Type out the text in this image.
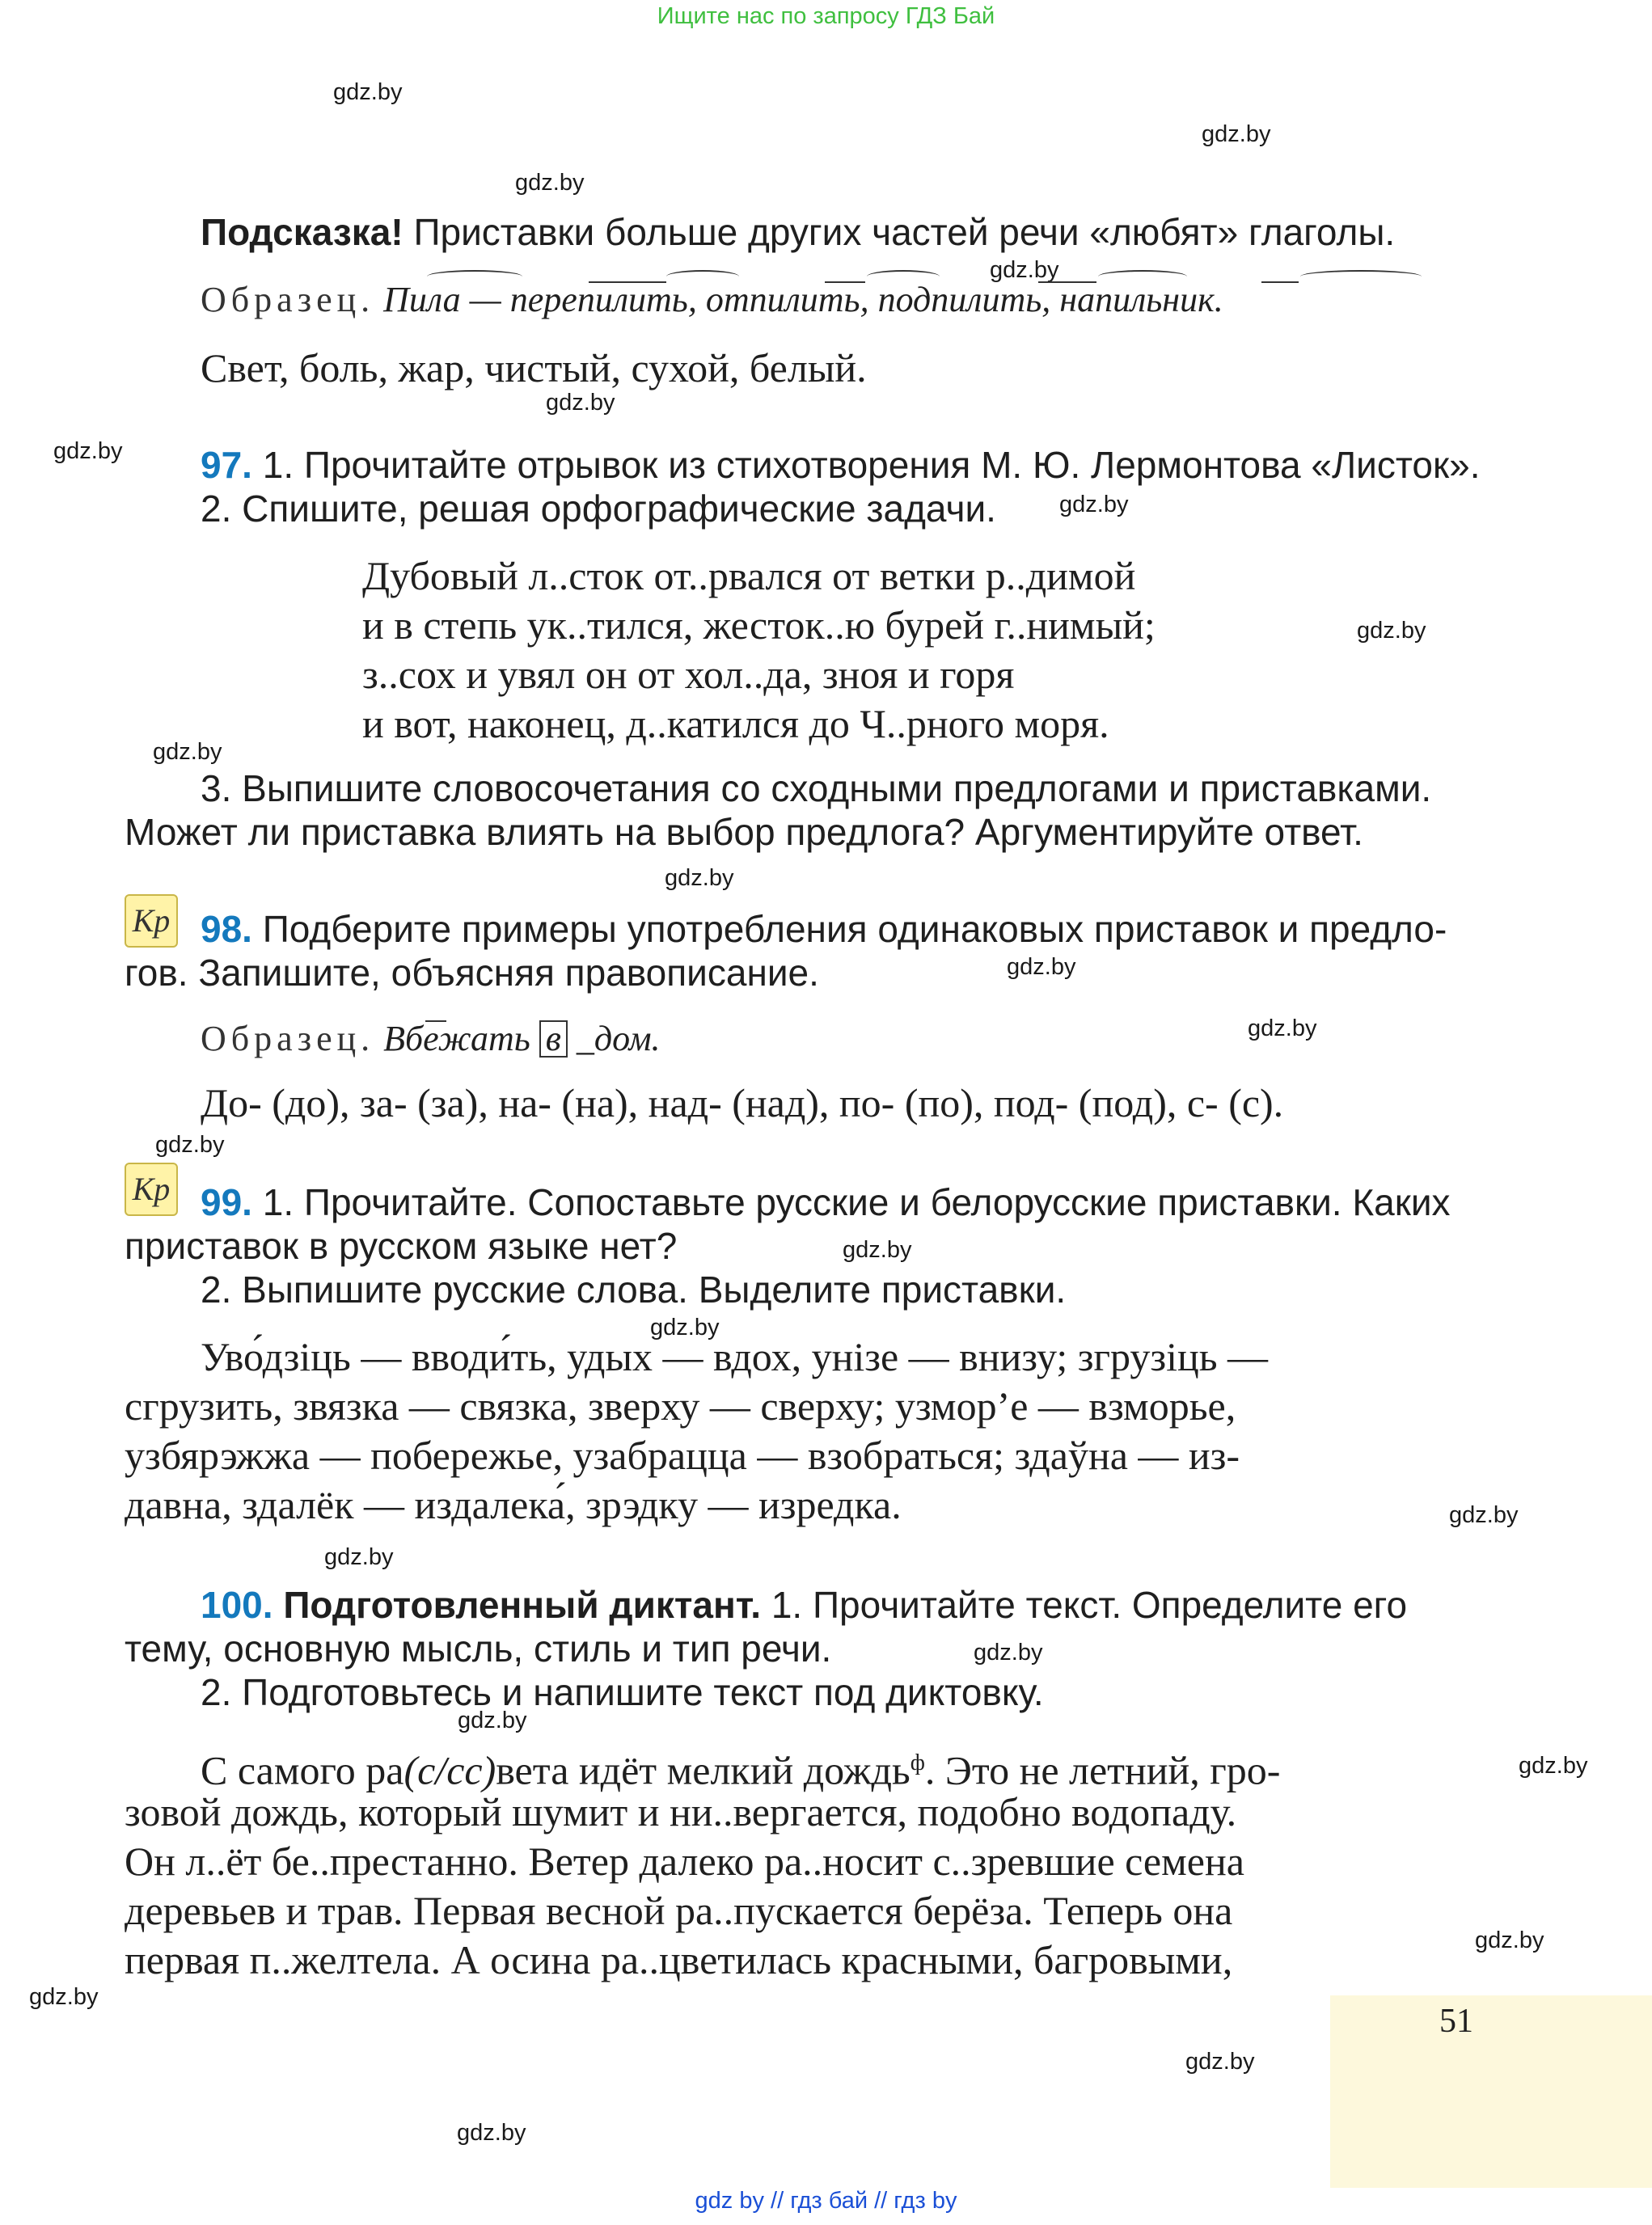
Ищите нас по запросу ГДЗ Бай
gdz.by
gdz.by
gdz.by
gdz.by
gdz.by
gdz.by
gdz.by
gdz.by
gdz.by
gdz.by
gdz.by
gdz.by
gdz.by
gdz.by
gdz.by
gdz.by
gdz.by
gdz.by
gdz.by
gdz.by
gdz.by
gdz.by
gdz.by
gdz.by
Подсказка! Приставки больше других частей речи «любят» глаголы.
Образец. Пила — перепилить, отпилить, подпилить, напильник.
Свет, боль, жар, чистый, сухой, белый.
97. 1. Прочитайте отрывок из стихотворения М. Ю. Лермонтова «Листок».
2. Спишите, решая орфографические задачи.
Дубовый л..сток от..рвался от ветки р..димой
и в степь ук..тился, жесток..ю бурей г..нимый;
з..сох и увял он от хол..да, зноя и горя
и вот, наконец, д..катился до Ч..рного моря.
3. Выпишите словосочетания со сходными предлогами и приставками.
Может ли приставка влиять на выбор предлога? Аргументируйте ответ.
Кр 98. Подберите примеры употребления одинаковых приставок и предло-
гов. Запишите, объясняя правописание.
Образец. Вбежать в _дом.
До- (до), за- (за), на- (на), над- (над), по- (по), под- (под), с- (с).
Кр 99. 1. Прочитайте. Сопоставьте русские и белорусские приставки. Каких
приставок в русском языке нет?
2. Выпишите русские слова. Выделите приставки.
Уво́дзіць — вводи́ть, удых — вдох, унізе — внизу; згрузіць —
сгрузить, звязка — связка, зверху — сверху; узмор’е — взморье,
узбярэжжа — побережье, узабрацца — взобраться; здаўна — из-
давна, здалёк — издалека́, зрэдку — изредка.
100. Подготовленный диктант. 1. Прочитайте текст. Определите его
тему, основную мысль, стиль и тип речи.
2. Подготовьтесь и напишите текст под диктовку.
С самого ра(с/сс)вета идёт мелкий дождь$^ф$. Это не летний, гро-
зовой дождь, который шумит и ни..вергается, подобно водопаду.
Он л..ёт бе..престанно. Ветер далеко ра..носит с..зревшие семена
деревьев и трав. Первая весной ра..пускается берёза. Теперь она
первая п..желтела. А осина ра..цветилась красными, багровыми,
51
gdz by // гдз бай // гдз by
